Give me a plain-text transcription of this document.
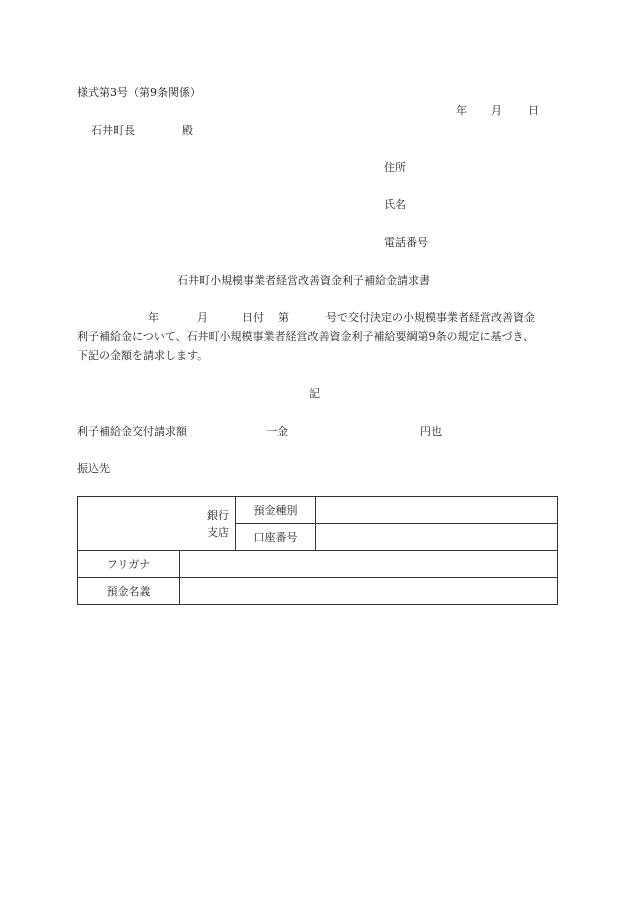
様式第3号（第9条関係）
年 月 日
石井町長	殿
住所
氏名
電話番号
石井町小規模事業者経営改善資金利子補給金請求書
年	月	日付 第	号で交付決定の小規模事業者経営改善資金
利子補給金について、石井町小規模事業者経営改善資金利子補給要綱第9条の規定に基づき、
下記の金額を請求します。
記
利子補給金交付請求額	一金	円也
振込先
銀行
支店		預金種別	
		口座番号	
フリガナ			
預金名義			
